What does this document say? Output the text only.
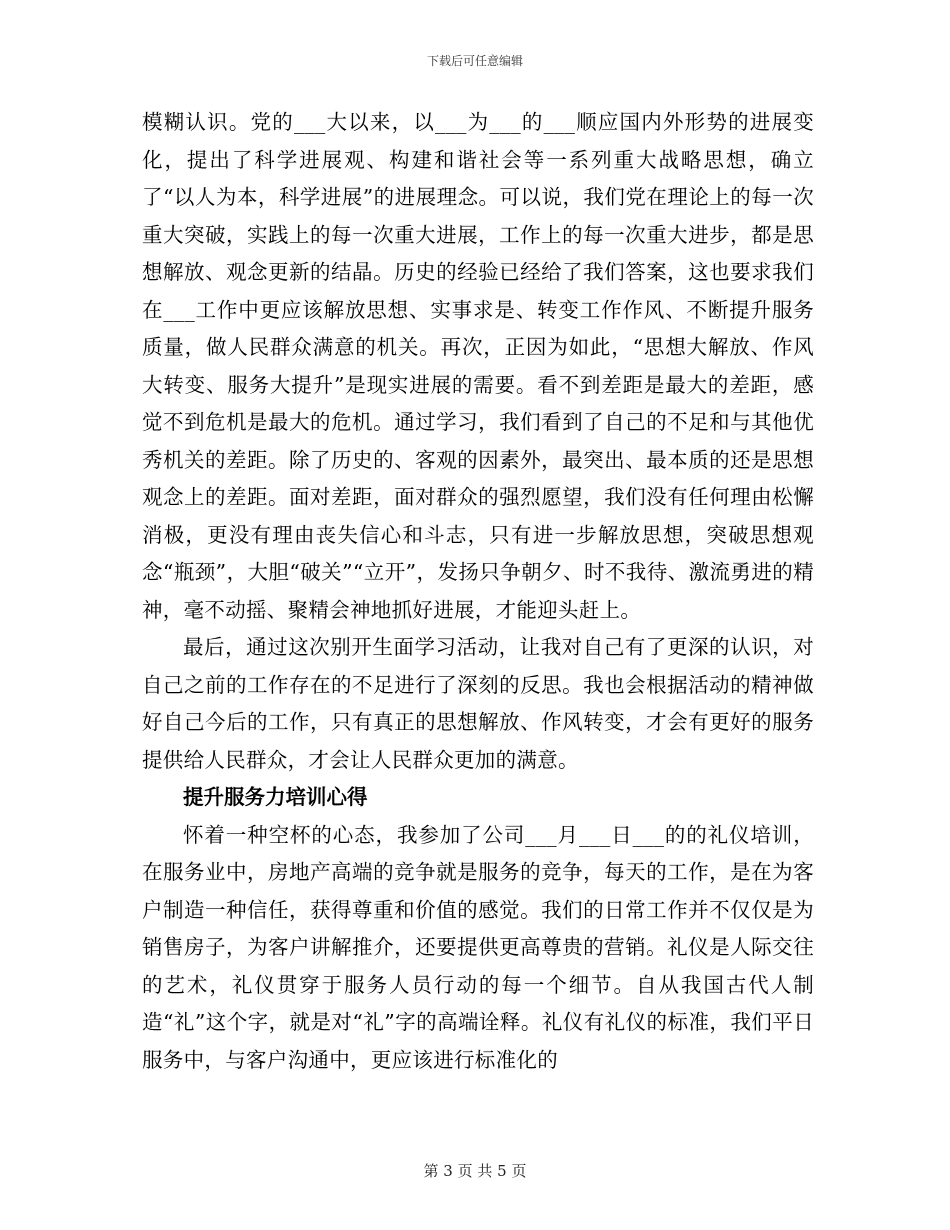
下载后可任意编辑

模糊认识。党的___大以来，以___为___的___顺应国内外形势的进展变化，提出了科学进展观、构建和谐社会等一系列重大战略思想，确立了“以人为本，科学进展”的进展理念。可以说，我们党在理论上的每一次重大突破，实践上的每一次重大进展，工作上的每一次重大进步，都是思想解放、观念更新的结晶。历史的经验已经给了我们答案，这也要求我们在___工作中更应该解放思想、实事求是、转变工作作风、不断提升服务质量，做人民群众满意的机关。再次，正因为如此，“思想大解放、作风大转变、服务大提升”是现实进展的需要。看不到差距是最大的差距，感觉不到危机是最大的危机。通过学习，我们看到了自己的不足和与其他优秀机关的差距。除了历史的、客观的因素外，最突出、最本质的还是思想观念上的差距。面对差距，面对群众的强烈愿望，我们没有任何理由松懈消极，更没有理由丧失信心和斗志，只有进一步解放思想，突破思想观念“瓶颈”，大胆“破关”“立开”，发扬只争朝夕、时不我待、激流勇进的精神，毫不动摇、聚精会神地抓好进展，才能迎头赶上。

最后，通过这次别开生面学习活动，让我对自己有了更深的认识，对自己之前的工作存在的不足进行了深刻的反思。我也会根据活动的精神做好自己今后的工作，只有真正的思想解放、作风转变，才会有更好的服务提供给人民群众，才会让人民群众更加的满意。

提升服务力培训心得

怀着一种空杯的心态，我参加了公司___月___日___的的礼仪培训，在服务业中，房地产高端的竞争就是服务的竞争，每天的工作，是在为客户制造一种信任，获得尊重和价值的感觉。我们的日常工作并不仅仅是为销售房子，为客户讲解推介，还要提供更高尊贵的营销。礼仪是人际交往的艺术，礼仪贯穿于服务人员行动的每一个细节。自从我国古代人制造“礼”这个字，就是对“礼”字的高端诠释。礼仪有礼仪的标准，我们平日服务中，与客户沟通中，更应该进行标准化的

第 3 页 共 5 页
